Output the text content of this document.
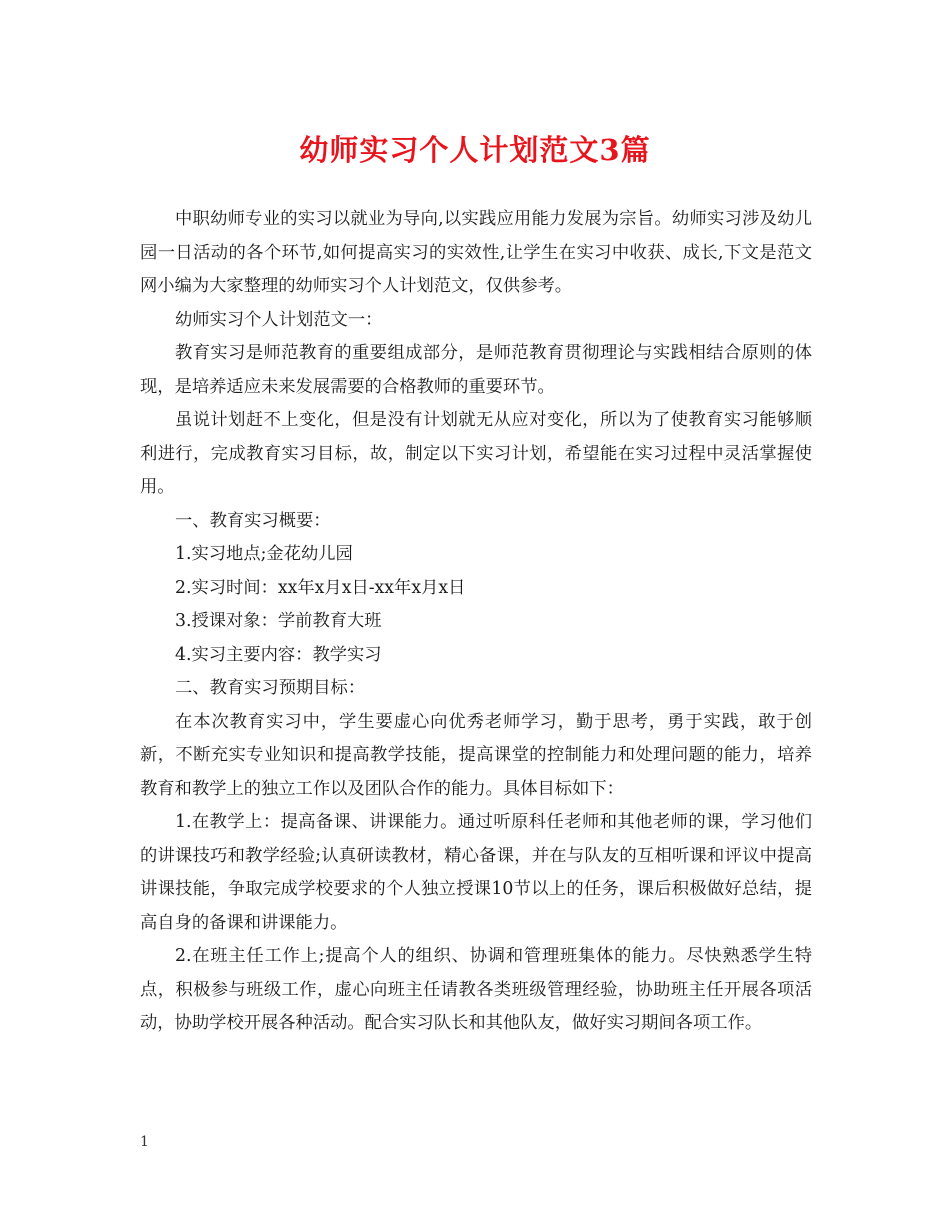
幼师实习个人计划范文3篇

中职幼师专业的实习以就业为导向,以实践应用能力发展为宗旨。幼师实习涉及幼儿园一日活动的各个环节,如何提高实习的实效性,让学生在实习中收获、成长,下文是范文网小编为大家整理的幼师实习个人计划范文，仅供参考。

幼师实习个人计划范文一：

教育实习是师范教育的重要组成部分，是师范教育贯彻理论与实践相结合原则的体现，是培养适应未来发展需要的合格教师的重要环节。

虽说计划赶不上变化，但是没有计划就无从应对变化，所以为了使教育实习能够顺利进行，完成教育实习目标，故，制定以下实习计划，希望能在实习过程中灵活掌握使用。

一、教育实习概要：

1.实习地点;金花幼儿园

2.实习时间：xx年x月x日-xx年x月x日

3.授课对象：学前教育大班

4.实习主要内容：教学实习

二、教育实习预期目标：

在本次教育实习中，学生要虚心向优秀老师学习，勤于思考，勇于实践，敢于创新，不断充实专业知识和提高教学技能，提高课堂的控制能力和处理问题的能力，培养教育和教学上的独立工作以及团队合作的能力。具体目标如下：

1.在教学上：提高备课、讲课能力。通过听原科任老师和其他老师的课，学习他们的讲课技巧和教学经验;认真研读教材，精心备课，并在与队友的互相听课和评议中提高讲课技能，争取完成学校要求的个人独立授课10节以上的任务，课后积极做好总结，提高自身的备课和讲课能力。

2.在班主任工作上;提高个人的组织、协调和管理班集体的能力。尽快熟悉学生特点，积极参与班级工作，虚心向班主任请教各类班级管理经验，协助班主任开展各项活动，协助学校开展各种活动。配合实习队长和其他队友，做好实习期间各项工作。

1
